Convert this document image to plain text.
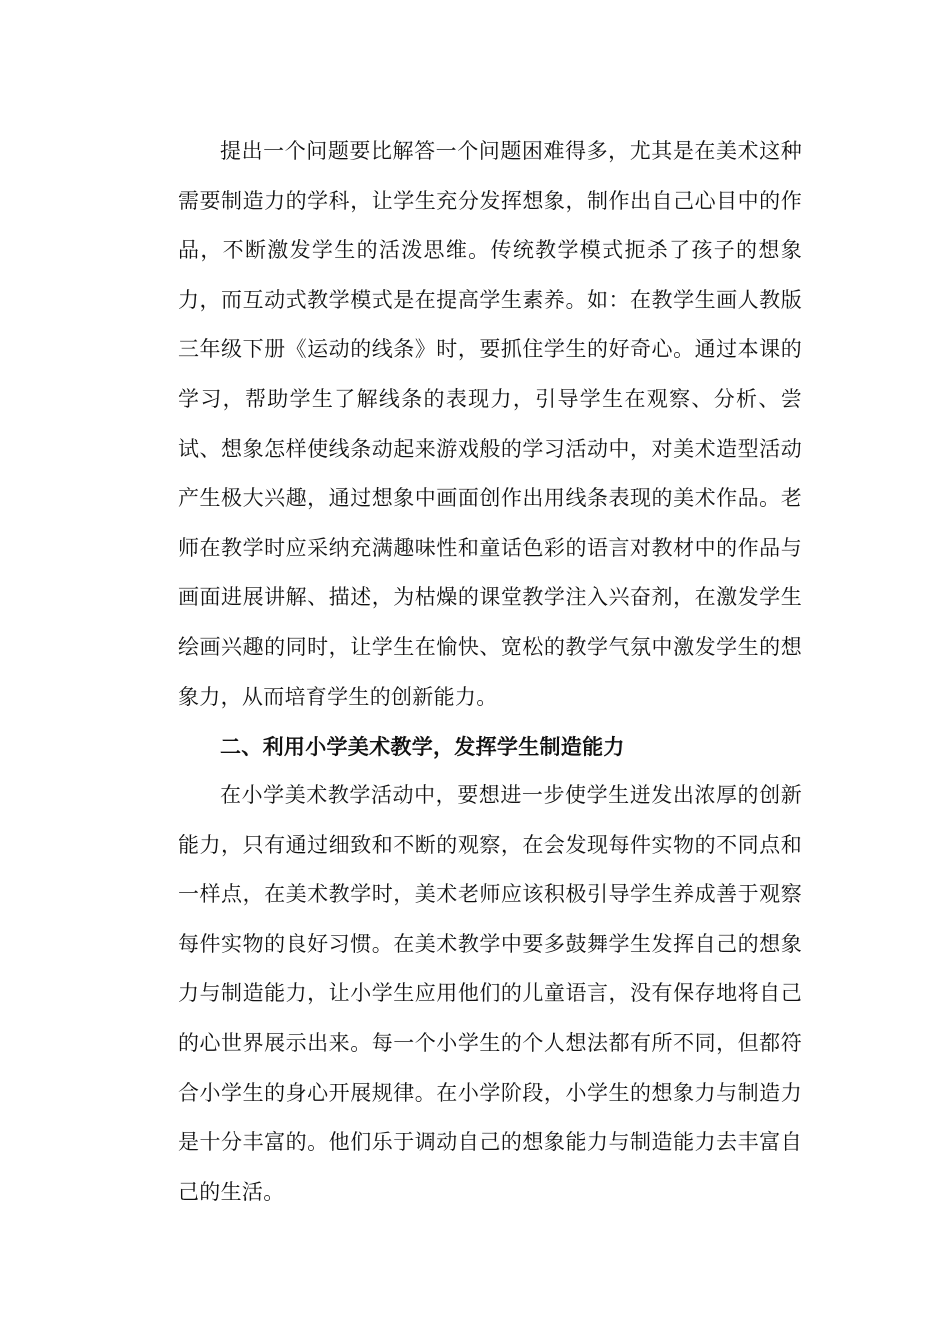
提出一个问题要比解答一个问题困难得多，尤其是在美术这种需要制造力的学科，让学生充分发挥想象，制作出自己心目中的作品，不断激发学生的活泼思维。传统教学模式扼杀了孩子的想象力，而互动式教学模式是在提高学生素养。如：在教学生画人教版三年级下册《运动的线条》时，要抓住学生的好奇心。通过本课的学习，帮助学生了解线条的表现力，引导学生在观察、分析、尝试、想象怎样使线条动起来游戏般的学习活动中，对美术造型活动产生极大兴趣，通过想象中画面创作出用线条表现的美术作品。老师在教学时应采纳充满趣味性和童话色彩的语言对教材中的作品与画面进展讲解、描述，为枯燥的课堂教学注入兴奋剂，在激发学生绘画兴趣的同时，让学生在愉快、宽松的教学气氛中激发学生的想象力，从而培育学生的创新能力。

二、利用小学美术教学，发挥学生制造能力

在小学美术教学活动中，要想进一步使学生迸发出浓厚的创新能力，只有通过细致和不断的观察，在会发现每件实物的不同点和一样点，在美术教学时，美术老师应该积极引导学生养成善于观察每件实物的良好习惯。在美术教学中要多鼓舞学生发挥自己的想象力与制造能力，让小学生应用他们的儿童语言，没有保存地将自己的心世界展示出来。每一个小学生的个人想法都有所不同，但都符合小学生的身心开展规律。在小学阶段，小学生的想象力与制造力是十分丰富的。他们乐于调动自己的想象能力与制造能力去丰富自己的生活。
